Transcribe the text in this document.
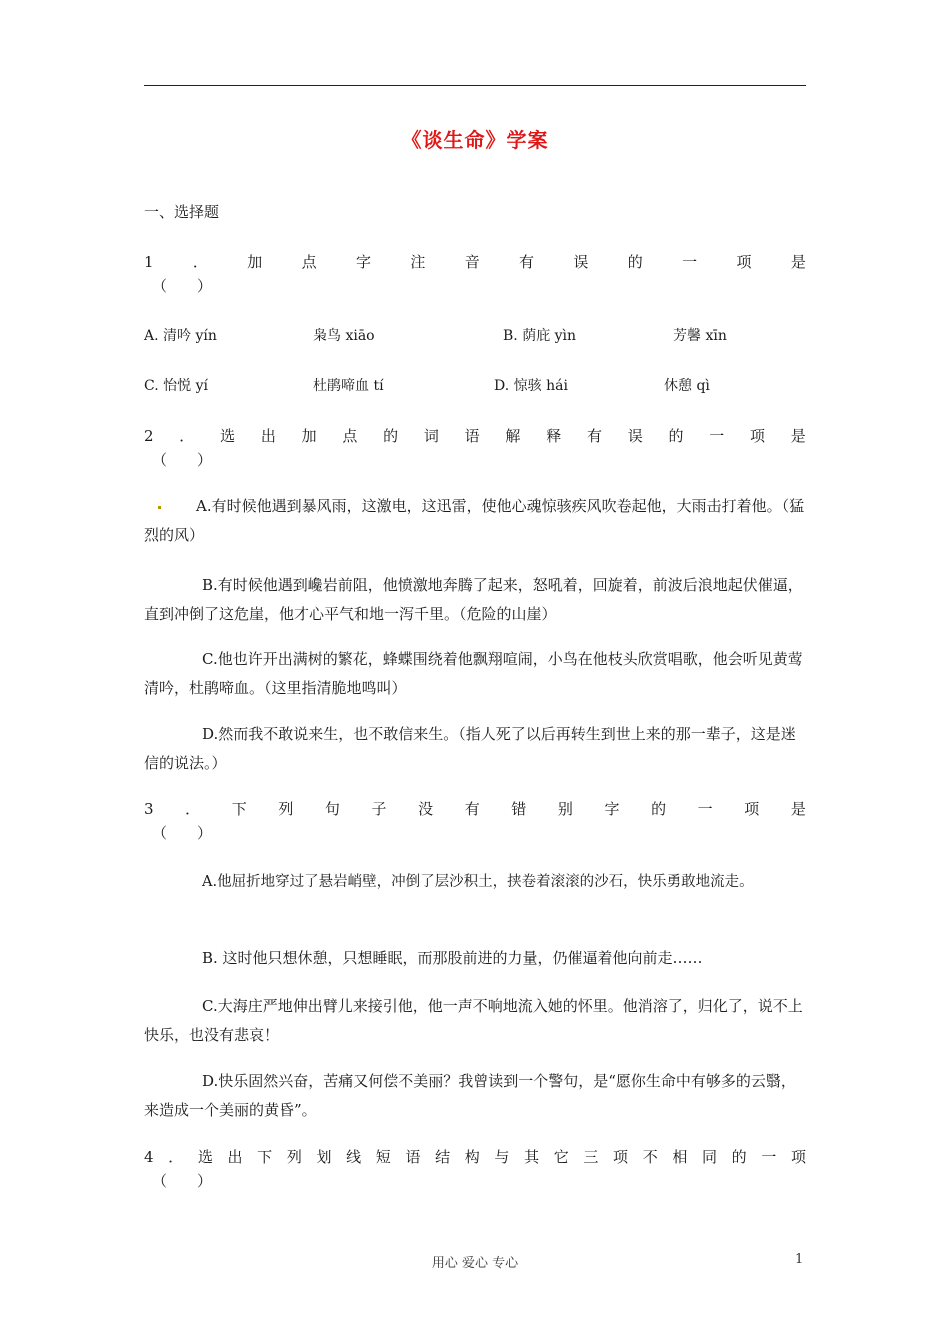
《谈生命》学案
一、选择题
1	．	加	点	字	注	音	有	误	的	一	项	是
（　　）
A. 清吟 yín	枭鸟 xiāo	B. 荫庇 yìn	芳馨 xīn
C. 怡悦 yí	杜鹃啼血 tí	D. 惊骇 hái	休憩 qì
2 ． 选 出 加 点 的 词 语 解 释 有 误 的 一 项 是
（　　）
A.有时候他遇到暴风雨，这激电，这迅雷，使他心魂惊骇疾风吹卷起他，大雨击打着他。（猛烈的风）
B.有时候他遇到巉岩前阻，他愤激地奔腾了起来，怒吼着，回旋着，前波后浪地起伏催逼，直到冲倒了这危崖，他才心平气和地一泻千里。（危险的山崖）
C.他也许开出满树的繁花，蜂蝶围绕着他飘翔喧闹，小鸟在他枝头欣赏唱歌，他会听见黄莺清吟，杜鹃啼血。（这里指清脆地鸣叫）
D.然而我不敢说来生，也不敢信来生。（指人死了以后再转生到世上来的那一辈子，这是迷信的说法。）
3 ． 下 列 句 子 没 有 错 别 字 的 一 项 是
（　　）
A.他屈折地穿过了悬岩峭壁，冲倒了层沙积土，挟卷着滚滚的沙石，快乐勇敢地流走。
B. 这时他只想休憩，只想睡眠，而那股前进的力量，仍催逼着他向前走……
C.大海庄严地伸出臂儿来接引他，他一声不响地流入她的怀里。他消溶了，归化了，说不上快乐，也没有悲哀！
D.快乐固然兴奋，苦痛又何偿不美丽？我曾读到一个警句，是“愿你生命中有够多的云翳，来造成一个美丽的黄昏”。
4 ． 选 出 下 列 划 线 短 语 结 构 与 其 它 三 项 不 相 同 的 一 项
（　　）
用心 爱心 专心	1
